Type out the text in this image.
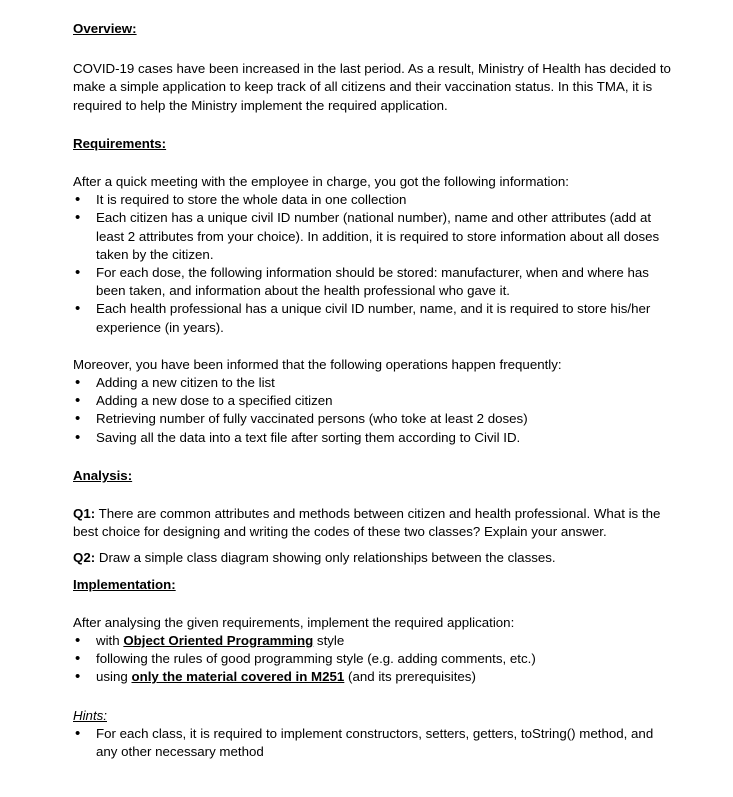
Overview:

COVID-19 cases have been increased in the last period. As a result, Ministry of Health has decided to make a simple application to keep track of all citizens and their vaccination status. In this TMA, it is required to help the Ministry implement the required application.

Requirements:

After a quick meeting with the employee in charge, you got the following information:

• It is required to store the whole data in one collection
• Each citizen has a unique civil ID number (national number), name and other attributes (add at least 2 attributes from your choice). In addition, it is required to store information about all doses taken by the citizen.
• For each dose, the following information should be stored: manufacturer, when and where has been taken, and information about the health professional who gave it.
• Each health professional has a unique civil ID number, name, and it is required to store his/her experience (in years).

Moreover, you have been informed that the following operations happen frequently:

• Adding a new citizen to the list
• Adding a new dose to a specified citizen
• Retrieving number of fully vaccinated persons (who toke at least 2 doses)
• Saving all the data into a text file after sorting them according to Civil ID.

Analysis:

Q1: There are common attributes and methods between citizen and health professional. What is the best choice for designing and writing the codes of these two classes? Explain your answer.

Q2: Draw a simple class diagram showing only relationships between the classes.

Implementation:

After analysing the given requirements, implement the required application:

• with Object Oriented Programming style
• following the rules of good programming style (e.g. adding comments, etc.)
• using only the material covered in M251 (and its prerequisites)

Hints:

• For each class, it is required to implement constructors, setters, getters, toString() method, and any other necessary method
